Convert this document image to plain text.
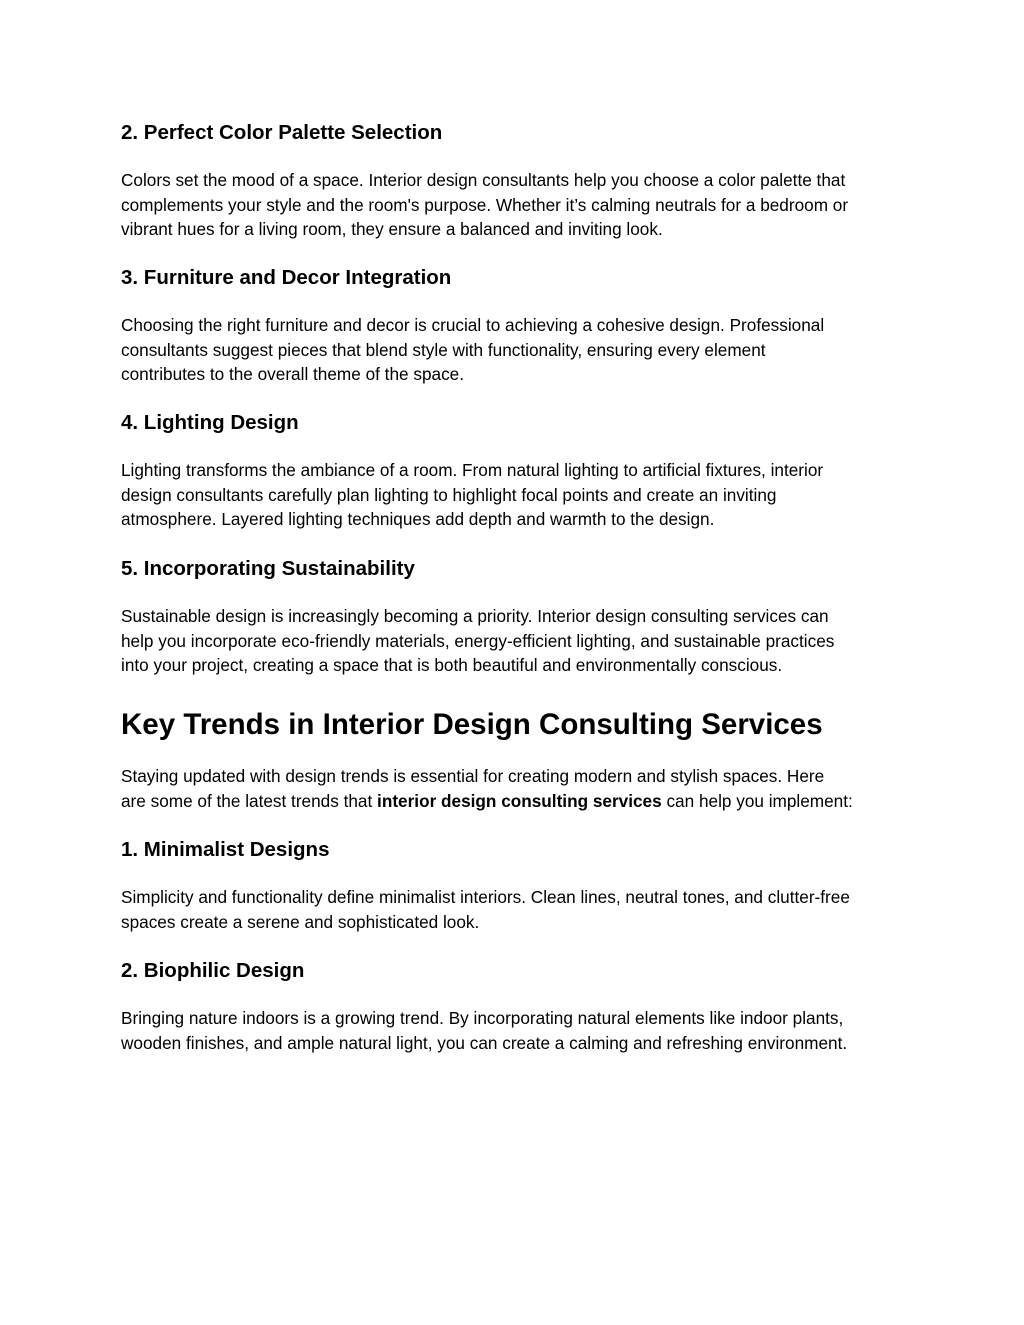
2. Perfect Color Palette Selection
Colors set the mood of a space. Interior design consultants help you choose a color palette that
complements your style and the room's purpose. Whether it’s calming neutrals for a bedroom or
vibrant hues for a living room, they ensure a balanced and inviting look.
3. Furniture and Decor Integration
Choosing the right furniture and decor is crucial to achieving a cohesive design. Professional
consultants suggest pieces that blend style with functionality, ensuring every element
contributes to the overall theme of the space.
4. Lighting Design
Lighting transforms the ambiance of a room. From natural lighting to artificial fixtures, interior
design consultants carefully plan lighting to highlight focal points and create an inviting
atmosphere. Layered lighting techniques add depth and warmth to the design.
5. Incorporating Sustainability
Sustainable design is increasingly becoming a priority. Interior design consulting services can
help you incorporate eco-friendly materials, energy-efficient lighting, and sustainable practices
into your project, creating a space that is both beautiful and environmentally conscious.
Key Trends in Interior Design Consulting Services
Staying updated with design trends is essential for creating modern and stylish spaces. Here
are some of the latest trends that interior design consulting services can help you implement:
1. Minimalist Designs
Simplicity and functionality define minimalist interiors. Clean lines, neutral tones, and clutter-free
spaces create a serene and sophisticated look.
2. Biophilic Design
Bringing nature indoors is a growing trend. By incorporating natural elements like indoor plants,
wooden finishes, and ample natural light, you can create a calming and refreshing environment.
